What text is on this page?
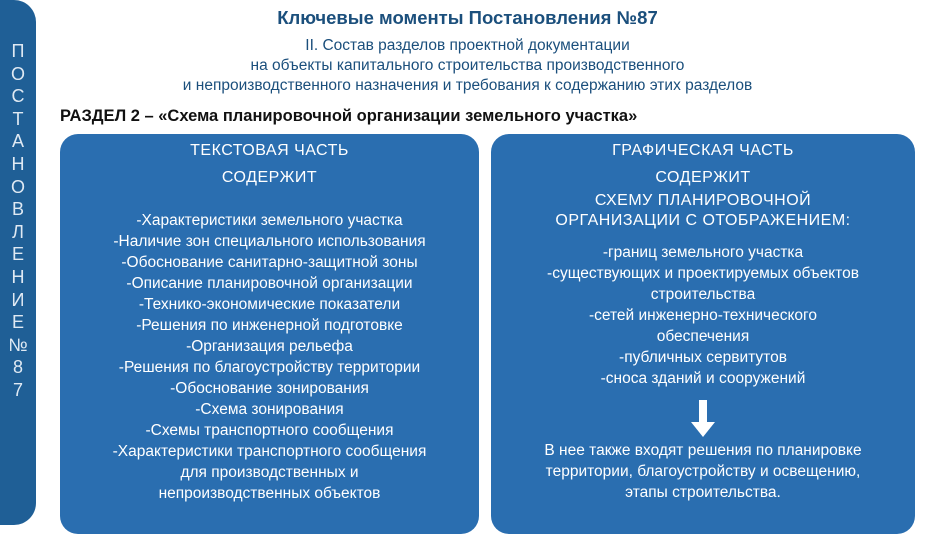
П
О
С
Т
А
Н
О
В
Л
Е
Н
И
Е
№
8
7
Ключевые моменты Постановления №87
II. Состав разделов проектной документации
на объекты капитального строительства производственного
и непроизводственного назначения и требования к содержанию этих разделов
РАЗДЕЛ 2 – «Схема планировочной организации земельного участка»
ТЕКСТОВАЯ ЧАСТЬ
СОДЕРЖИТ
-Характеристики земельного участка
-Наличие зон специального использования
-Обоснование санитарно-защитной зоны
-Описание планировочной организации
-Технико-экономические показатели
-Решения по инженерной подготовке
-Организация рельефа
-Решения по благоустройству территории
-Обоснование зонирования
-Схема зонирования
-Схемы транспортного сообщения
-Характеристики транспортного сообщения
для производственных и
непроизводственных объектов
ГРАФИЧЕСКАЯ ЧАСТЬ
СОДЕРЖИТ
СХЕМУ ПЛАНИРОВОЧНОЙ
ОРГАНИЗАЦИИ С ОТОБРАЖЕНИЕМ:
-границ земельного участка
-существующих и проектируемых объектов
строительства
-сетей инженерно-технического
обеспечения
-публичных сервитутов
-сноса зданий и сооружений
В нее также входят решения по планировке
территории, благоустройству и освещению,
этапы строительства.
